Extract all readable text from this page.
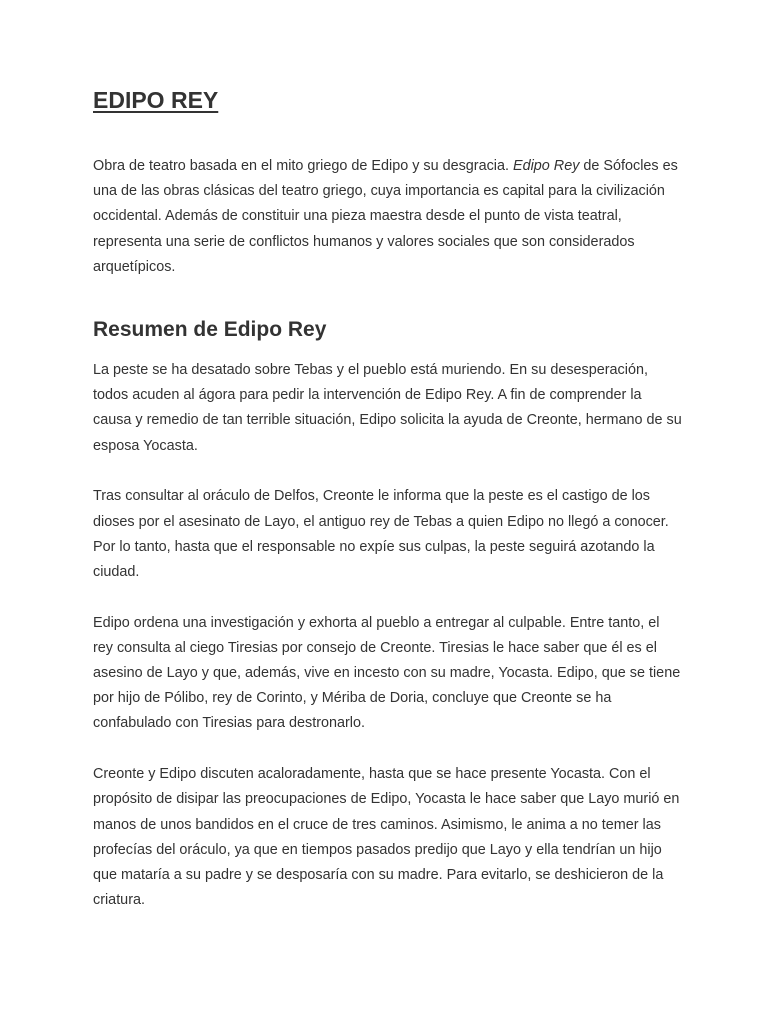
EDIPO REY

Obra de teatro basada en el mito griego de Edipo y su desgracia. Edipo Rey de Sófocles es una de las obras clásicas del teatro griego, cuya importancia es capital para la civilización occidental. Además de constituir una pieza maestra desde el punto de vista teatral, representa una serie de conflictos humanos y valores sociales que son considerados arquetípicos.

Resumen de Edipo Rey

La peste se ha desatado sobre Tebas y el pueblo está muriendo. En su desesperación, todos acuden al ágora para pedir la intervención de Edipo Rey. A fin de comprender la causa y remedio de tan terrible situación, Edipo solicita la ayuda de Creonte, hermano de su esposa Yocasta.

Tras consultar al oráculo de Delfos, Creonte le informa que la peste es el castigo de los dioses por el asesinato de Layo, el antiguo rey de Tebas a quien Edipo no llegó a conocer. Por lo tanto, hasta que el responsable no expíe sus culpas, la peste seguirá azotando la ciudad.

Edipo ordena una investigación y exhorta al pueblo a entregar al culpable. Entre tanto, el rey consulta al ciego Tiresias por consejo de Creonte. Tiresias le hace saber que él es el asesino de Layo y que, además, vive en incesto con su madre, Yocasta. Edipo, que se tiene por hijo de Pólibo, rey de Corinto, y Mériba de Doria, concluye que Creonte se ha confabulado con Tiresias para destronarlo.

Creonte y Edipo discuten acaloradamente, hasta que se hace presente Yocasta. Con el propósito de disipar las preocupaciones de Edipo, Yocasta le hace saber que Layo murió en manos de unos bandidos en el cruce de tres caminos. Asimismo, le anima a no temer las profecías del oráculo, ya que en tiempos pasados predijo que Layo y ella tendrían un hijo que mataría a su padre y se desposaría con su madre. Para evitarlo, se deshicieron de la criatura.
